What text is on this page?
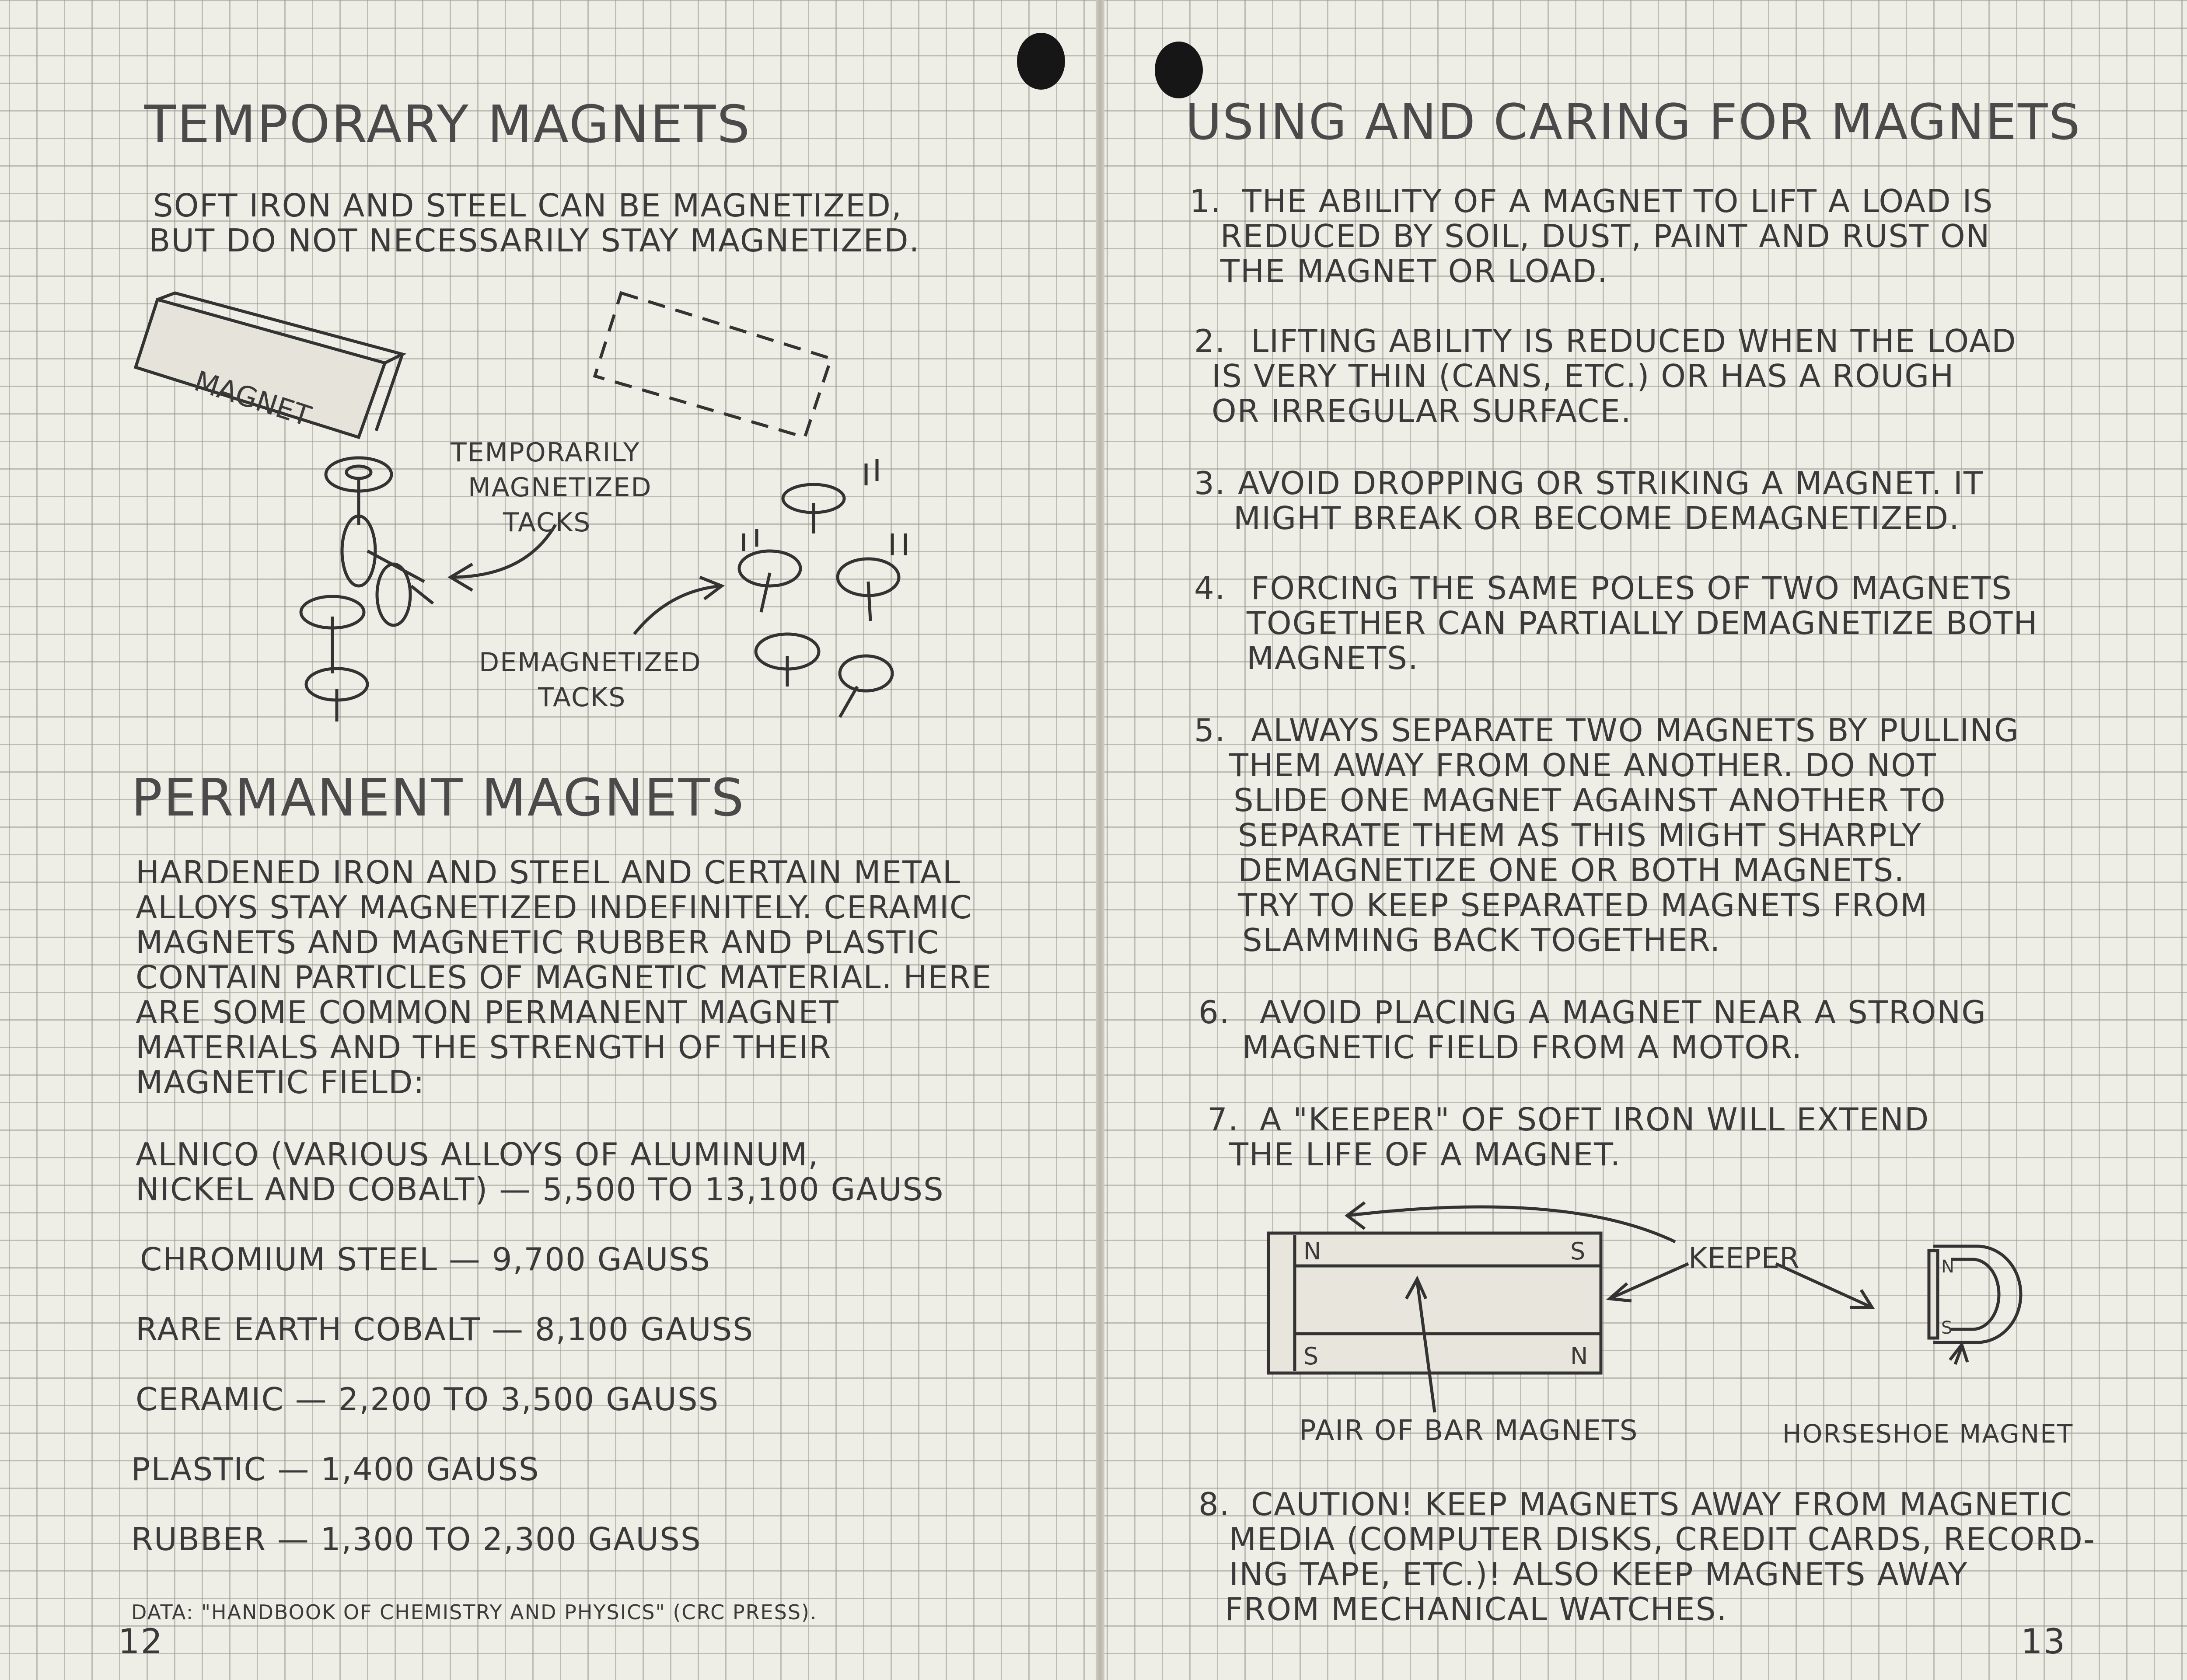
TEMPORARY MAGNETS
SOFT IRON AND STEEL CAN BE MAGNETIZED,
BUT DO NOT NECESSARILY STAY MAGNETIZED.
MAGNET
TEMPORARILY
MAGNETIZED
TACKS
DEMAGNETIZED
TACKS
PERMANENT MAGNETS
HARDENED IRON AND STEEL AND CERTAIN METAL
ALLOYS STAY MAGNETIZED INDEFINITELY. CERAMIC
MAGNETS AND MAGNETIC RUBBER AND PLASTIC
CONTAIN PARTICLES OF MAGNETIC MATERIAL. HERE
ARE SOME COMMON PERMANENT MAGNET
MATERIALS AND THE STRENGTH OF THEIR
MAGNETIC FIELD:
ALNICO (VARIOUS ALLOYS OF ALUMINUM,
NICKEL AND COBALT) — 5,500 TO 13,100 GAUSS
CHROMIUM STEEL — 9,700 GAUSS
RARE EARTH COBALT — 8,100 GAUSS
CERAMIC — 2,200 TO 3,500 GAUSS
PLASTIC — 1,400 GAUSS
RUBBER — 1,300 TO 2,300 GAUSS
DATA: "HANDBOOK OF CHEMISTRY AND PHYSICS" (CRC PRESS).
12
USING AND CARING FOR MAGNETS
1. THE ABILITY OF A MAGNET TO LIFT A LOAD IS
REDUCED BY SOIL, DUST, PAINT AND RUST ON
THE MAGNET OR LOAD.
2. LIFTING ABILITY IS REDUCED WHEN THE LOAD
IS VERY THIN (CANS, ETC.) OR HAS A ROUGH
OR IRREGULAR SURFACE.
3. AVOID DROPPING OR STRIKING A MAGNET. IT
MIGHT BREAK OR BECOME DEMAGNETIZED.
4. FORCING THE SAME POLES OF TWO MAGNETS
TOGETHER CAN PARTIALLY DEMAGNETIZE BOTH
MAGNETS.
5. ALWAYS SEPARATE TWO MAGNETS BY PULLING
THEM AWAY FROM ONE ANOTHER. DO NOT
SLIDE ONE MAGNET AGAINST ANOTHER TO
SEPARATE THEM AS THIS MIGHT SHARPLY
DEMAGNETIZE ONE OR BOTH MAGNETS.
TRY TO KEEP SEPARATED MAGNETS FROM
SLAMMING BACK TOGETHER.
6. AVOID PLACING A MAGNET NEAR A STRONG
MAGNETIC FIELD FROM A MOTOR.
7. A "KEEPER" OF SOFT IRON WILL EXTEND
THE LIFE OF A MAGNET.
N	S
S	N
N
S
KEEPER
PAIR OF BAR MAGNETS	HORSESHOE MAGNET
8. CAUTION! KEEP MAGNETS AWAY FROM MAGNETIC
MEDIA (COMPUTER DISKS, CREDIT CARDS, RECORD-
ING TAPE, ETC.)! ALSO KEEP MAGNETS AWAY
FROM MECHANICAL WATCHES.
13
